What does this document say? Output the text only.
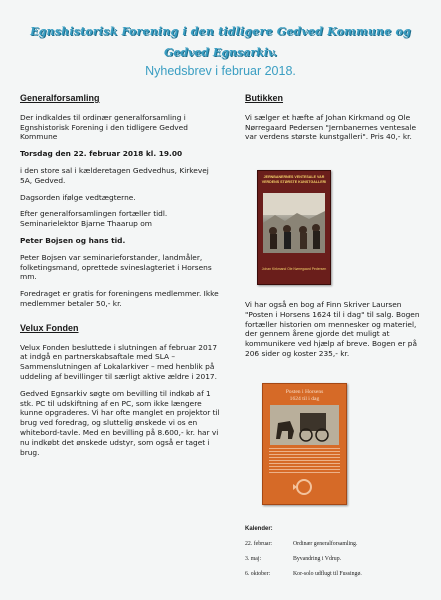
Egnshistorisk Forening i den tidligere Gedved Kommune og
Gedved Egnsarkiv.
Nyhedsbrev i februar 2018.
Generalforsamling

Der indkaldes til ordinær generalforsamling i Egnshistorisk Forening i den tidligere Gedved Kommune

Torsdag den 22. februar 2018 kl. 19.00

i den store sal i kælderetagen Gedvedhus, Kirkevej 5A, Gedved.

Dagsorden ifølge vedtægterne.

Efter generalforsamlingen fortæller tidl. Seminarielektor Bjarne Thaarup om

Peter Bojsen og hans tid.

Peter Bojsen var seminarieforstander, landmåler, folketingsmand, oprettede svineslagteriet i Horsens mm.

Foredraget er gratis for foreningens medlemmer. Ikke medlemmer betaler 50,- kr.

Velux Fonden

Velux Fonden besluttede i slutningen af februar 2017 at indgå en partnerskabsaftale med SLA – Sammenslutningen af Lokalarkiver – med henblik på uddeling af bevillinger til særligt aktive ældre i 2017.

Gedved Egnsarkiv søgte om bevilling til indkøb af 1 stk. PC til udskiftning af en PC, som ikke længere kunne opgraderes. Vi har ofte manglet en projektor til brug ved foredrag, og sluttelig ønskede vi os en whitebord-tavle. Med en bevilling på 8.600,- kr. har vi nu indkøbt det ønskede udstyr, som også er taget i brug.

Butikken

Vi sælger et hæfte af Johan Kirkmand og Ole Nørregaard Pedersen "Jernbanernes ventesale var verdens største kunstgalleri". Pris 40,- kr.

JERNBANERNES VENTESALE VAR VERDENS STØRSTE KUNSTGALLERI
Johan Kirkmand Ole Nørregaard Pedersen

Vi har også en bog af Finn Skriver Laursen "Posten i Horsens 1624 til i dag" til salg. Bogen fortæller historien om mennesker og materiel, der gennem årene gjorde det muligt at kommunikere ved hjælp af breve. Bogen er på 206 sider og koster 235,- kr.

Posten i Horsens
1624 til i dag
Kalender:
22. februar:	Ordinær generalforsamling.
3. maj:	Byvandring i Vdrup.
6. oktober:	Kor-solo udflugt til Fussingø.
